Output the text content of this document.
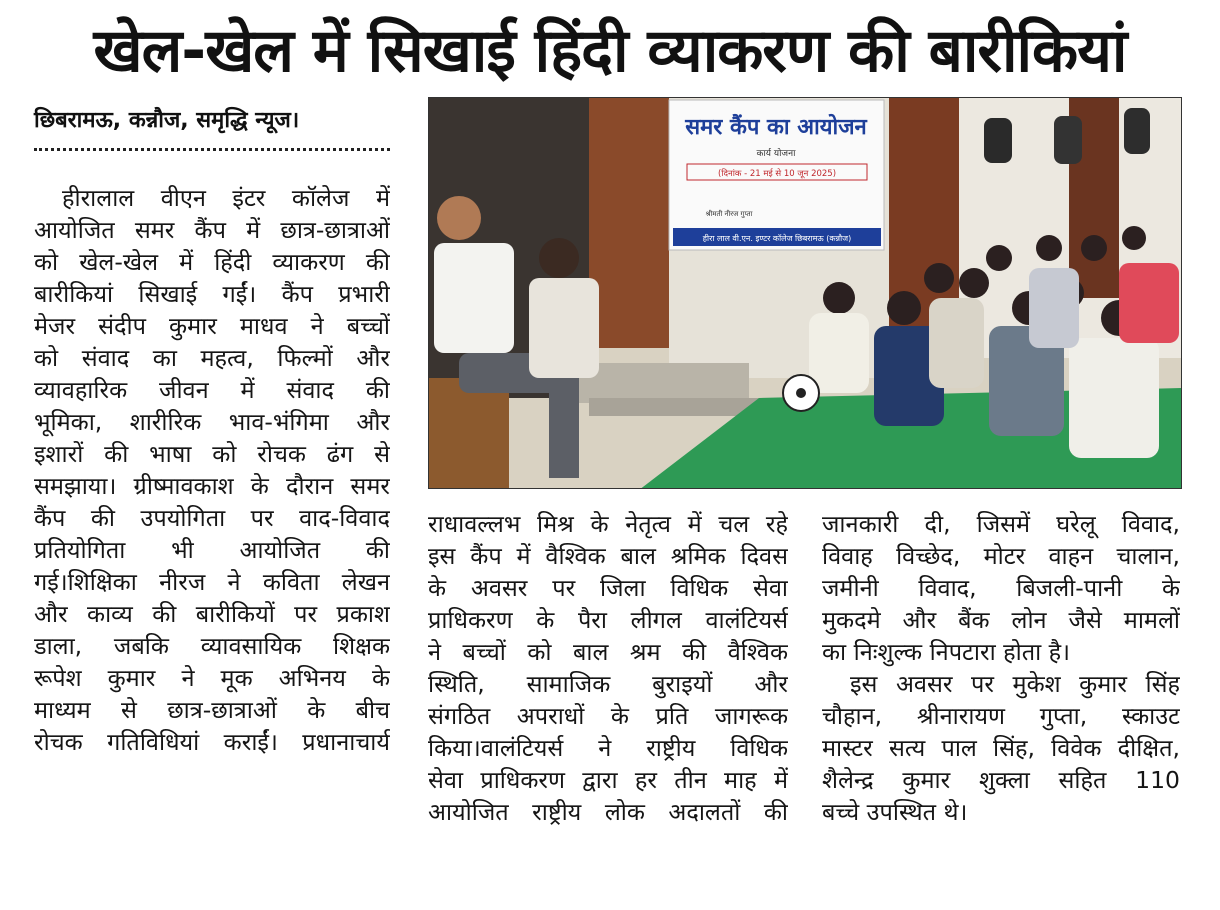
खेल-खेल में सिखाई हिंदी व्याकरण की बारीकियां
छिबरामऊ, कन्नौज, समृद्धि न्यूज।
हीरालाल वीएन इंटर कॉलेज में
आयोजित समर कैंप में छात्र-छात्राओं
को खेल-खेल में हिंदी व्याकरण की
बारीकियां सिखाई गईं। कैंप प्रभारी
मेजर संदीप कुमार माधव ने बच्चों
को संवाद का महत्व, फिल्मों और
व्यावहारिक जीवन में संवाद की
भूमिका, शारीरिक भाव-भंगिमा और
इशारों की भाषा को रोचक ढंग से
समझाया। ग्रीष्मावकाश के दौरान समर
कैंप की उपयोगिता पर वाद-विवाद
प्रतियोगिता भी आयोजित की
गई।शिक्षिका नीरज ने कविता लेखन
और काव्य की बारीकियों पर प्रकाश
डाला, जबकि व्यावसायिक शिक्षक
रूपेश कुमार ने मूक अभिनय के
माध्यम से छात्र-छात्राओं के बीच
रोचक गतिविधियां कराईं। प्रधानाचार्य
समर कैंप का आयोजन
कार्य योजना
(दिनांक - 21 मई से 10 जून 2025)
श्रीमती नीरज गुप्ता
हीरा लाल वी.एन. इण्टर कॉलेज छिबरामऊ (कन्नौज)
राधावल्लभ मिश्र के नेतृत्व में चल रहे
इस कैंप में वैश्विक बाल श्रमिक दिवस
के अवसर पर जिला विधिक सेवा
प्राधिकरण के पैरा लीगल वालंटियर्स
ने बच्चों को बाल श्रम की वैश्विक
स्थिति, सामाजिक बुराइयों और
संगठित अपराधों के प्रति जागरूक
किया।वालंटियर्स ने राष्ट्रीय विधिक
सेवा प्राधिकरण द्वारा हर तीन माह में
आयोजित राष्ट्रीय लोक अदालतों की
जानकारी दी, जिसमें घरेलू विवाद,
विवाह विच्छेद, मोटर वाहन चालान,
जमीनी विवाद, बिजली-पानी के
मुकदमे और बैंक लोन जैसे मामलों
का निःशुल्क निपटारा होता है।
इस अवसर पर मुकेश कुमार सिंह
चौहान, श्रीनारायण गुप्ता, स्काउट
मास्टर सत्य पाल सिंह, विवेक दीक्षित,
शैलेन्द्र कुमार शुक्ला सहित 110
बच्चे उपस्थित थे।
